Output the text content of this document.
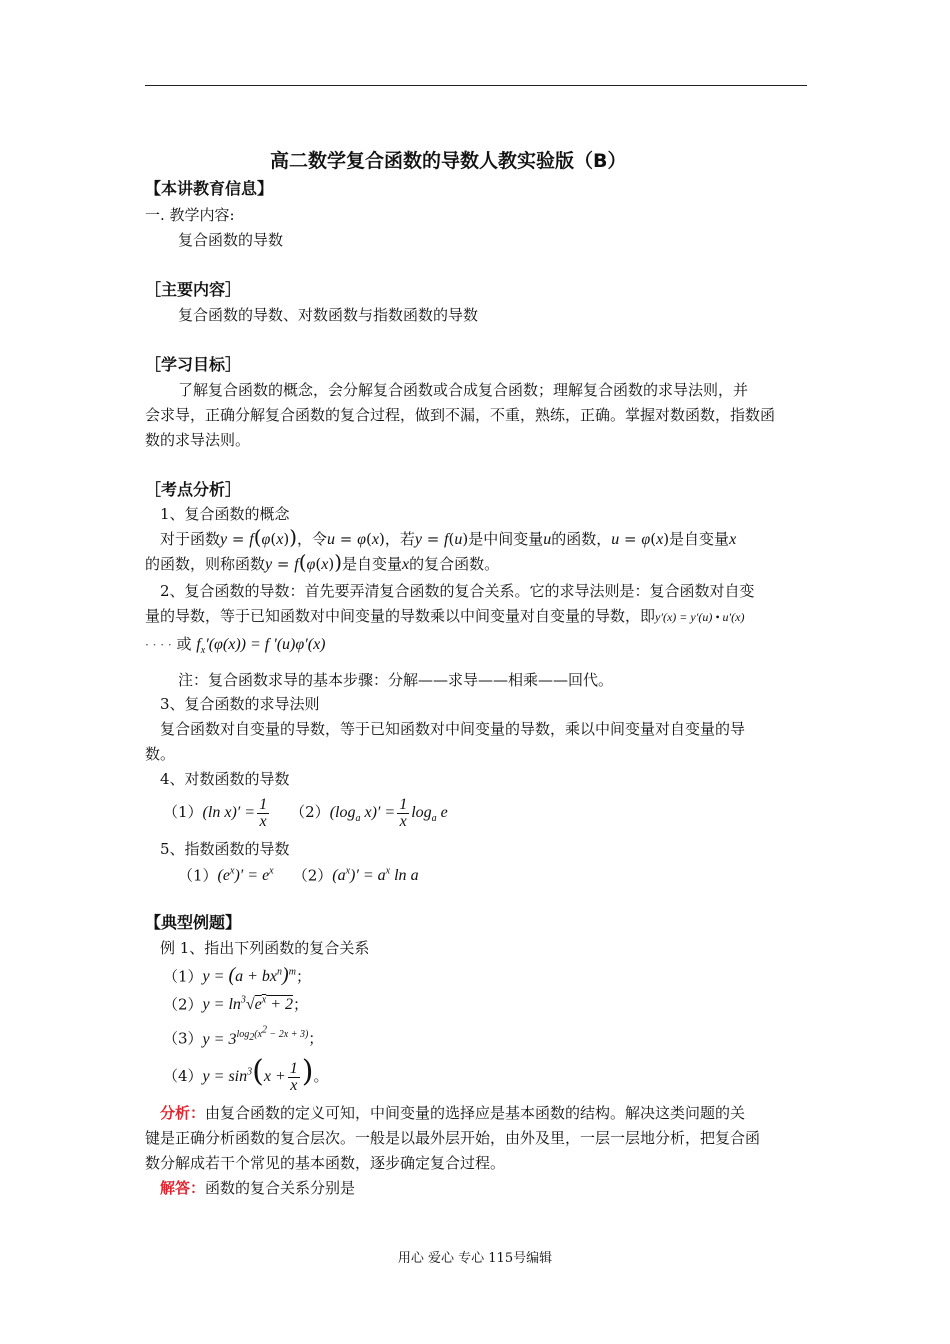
高二数学复合函数的导数人教实验版（B）
【本讲教育信息】
一. 教学内容:
复合函数的导数
［主要内容］
复合函数的导数、对数函数与指数函数的导数
［学习目标］
了解复合函数的概念，会分解复合函数或合成复合函数；理解复合函数的求导法则，并
会求导，正确分解复合函数的复合过程，做到不漏，不重，熟练，正确。掌握对数函数，指数函
数的求导法则。
［考点分析］
1、复合函数的概念
对于函数y = f(φ(x))，令u = φ(x)，若y = f(u)是中间变量u的函数，u = φ(x)是自变量x
的函数，则称函数y = f(φ(x))是自变量x的复合函数。
2、复合函数的导数：首先要弄清复合函数的复合关系。它的求导法则是：复合函数对自变
量的导数，等于已知函数对中间变量的导数乘以中间变量对自变量的导数，即y′(x) = y′(u) • u′(x)
· · · · 或 $f_x'(\varphi(x)) = f$ ′(u)φ′(x)
注：复合函数求导的基本步骤：分解——求导——相乘——回代。
3、复合函数的求导法则
复合函数对自变量的导数，等于已知函数对中间变量的导数，乘以中间变量对自变量的导
数。
4、对数函数的导数
（1）(ln $x)' = \frac{1}{x} (2)(\log_a$ $x)' = \frac{1}{x} \log_a e$
5、指数函数的导数
$(1)(e^x)' = e^x$ $(2)(a^x)' = a^x$ ln a
【典型例题】
例 1、指出下列函数的复合关系
$(1)y = (a + bx^n)^m$；
$(2)y = \ln^3√e^x + 2$；
$(3)y = 3^{log_2(x^2 - 2x + 3)}$；
$(4)y = \sin^3(x + \frac{1}{x}$ )。
分析：由复合函数的定义可知，中间变量的选择应是基本函数的结构。解决这类问题的关
键是正确分析函数的复合层次。一般是以最外层开始，由外及里，一层一层地分析，把复合函
数分解成若干个常见的基本函数，逐步确定复合过程。
解答：函数的复合关系分别是
用心 爱心 专心 115号编辑
